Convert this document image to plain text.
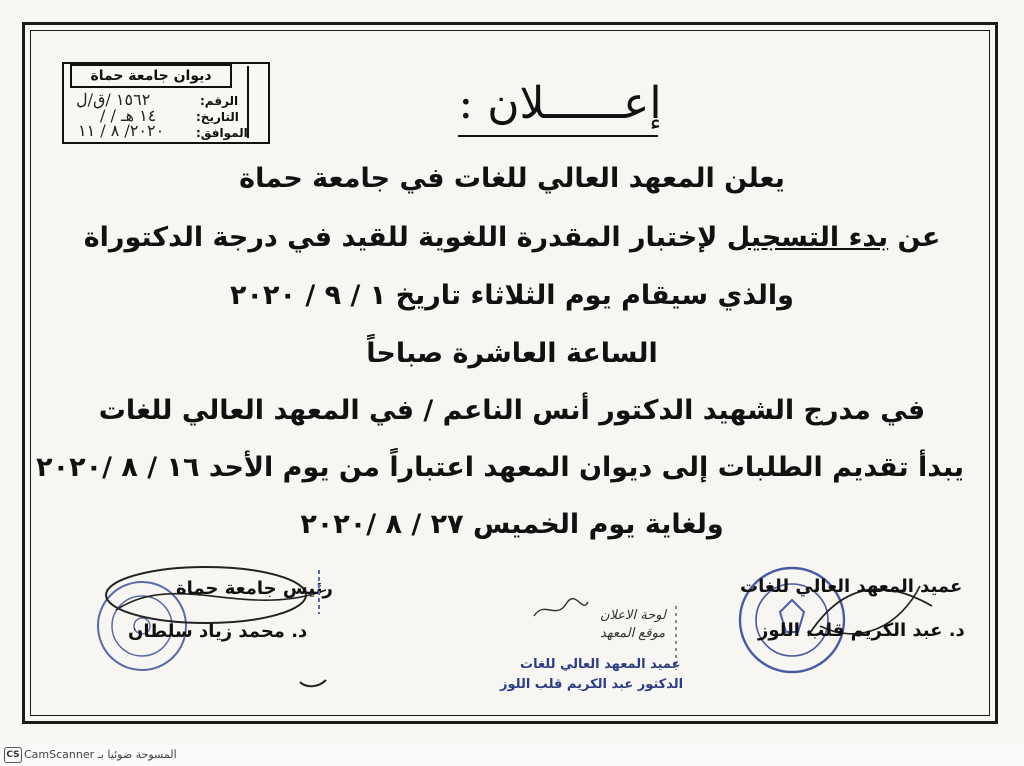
ديوان جامعة حماة
الرقم:
١٥٦٢ /ق/ل
التاريخ:
/ / ١٤ هـ
الموافق:
٢٠٢٠/ ٨ / ١١
إعــــــلان :
يعلن المعهد العالي للغات في جامعة حماة
عن بدء التسجيل لإختبار المقدرة اللغوية للقيد في درجة الدكتوراة
والذي سيقام يوم الثلاثاء تاريخ ١ / ٩ / ٢٠٢٠
الساعة العاشرة صباحاً
في مدرج الشهيد الدكتور أنس الناعم / في المعهد العالي للغات
يبدأ تقديم الطلبات إلى ديوان المعهد اعتباراً من يوم الأحد ١٦ / ٨ /٢٠٢٠
ولغاية يوم الخميس ٢٧ / ٨ /٢٠٢٠
رئيس جامعة حماة
د. محمد زياد سلطان
لوحة الاعلان
موقع المعهد
عميد المعهد العالي للغات
الدكتور عبد الكريم قلب اللوز
عميد المعهد العالي للغات
د. عبد الكريم قلب اللوز
CS CamScanner المسوحة ضوئيا بـ
